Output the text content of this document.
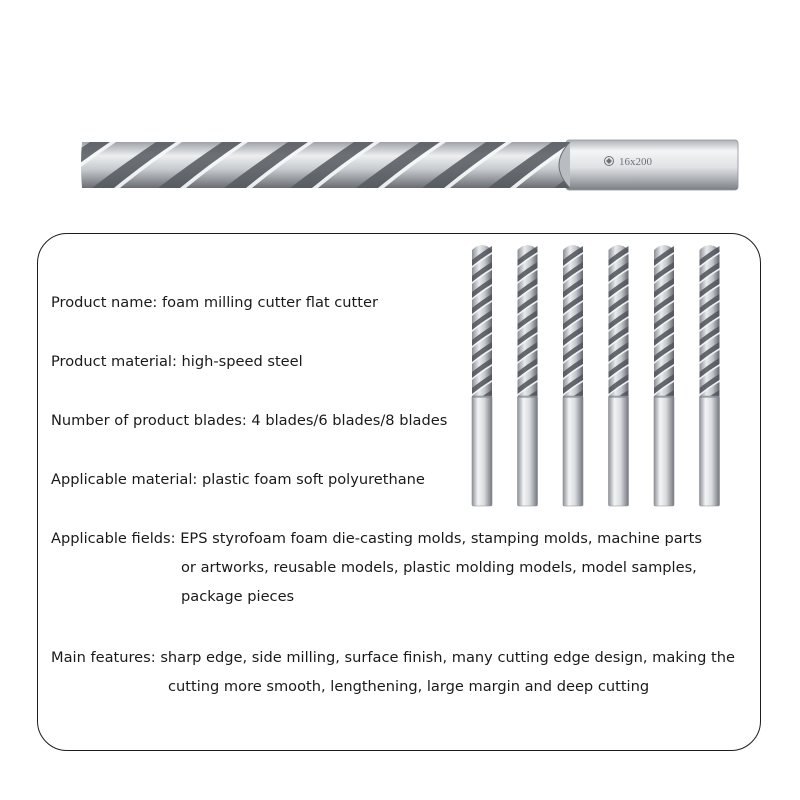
16x200

Product name: foam milling cutter flat cutter

Product material: high-speed steel

Number of product blades: 4 blades/6 blades/8 blades

Applicable material: plastic foam soft polyurethane

Applicable fields: EPS styrofoam foam die-casting molds, stamping molds, machine parts
or artworks, reusable models, plastic molding models, model samples,
package pieces

Main features: sharp edge, side milling, surface finish, many cutting edge design, making the
cutting more smooth, lengthening, large margin and deep cutting
